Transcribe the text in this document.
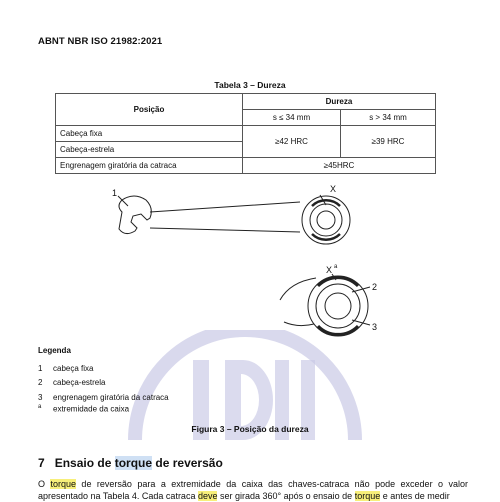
ABNT NBR ISO 21982:2021
Tabela 3 – Dureza
Posição	Dureza	
	s ≤ 34 mm	s > 34 mm
Cabeça fixa	≥42 HRC	≥39 HRC
Cabeça-estrela		
Engrenagem giratória da catraca	≥45HRC	
1	X
X a
2
3
Legenda
1 cabeça fixa
2 cabeça-estrela
3 engrenagem giratória da catraca
$^a$ extremidade da caixa
Figura 3 – Posição da dureza
7 Ensaio de torque de reversão
O torque de reversão para a extremidade da caixa das chaves-catraca não pode exceder o valor apresentado na Tabela 4. Cada catraca deve ser girada 360° após o ensaio de torque e antes de medir
